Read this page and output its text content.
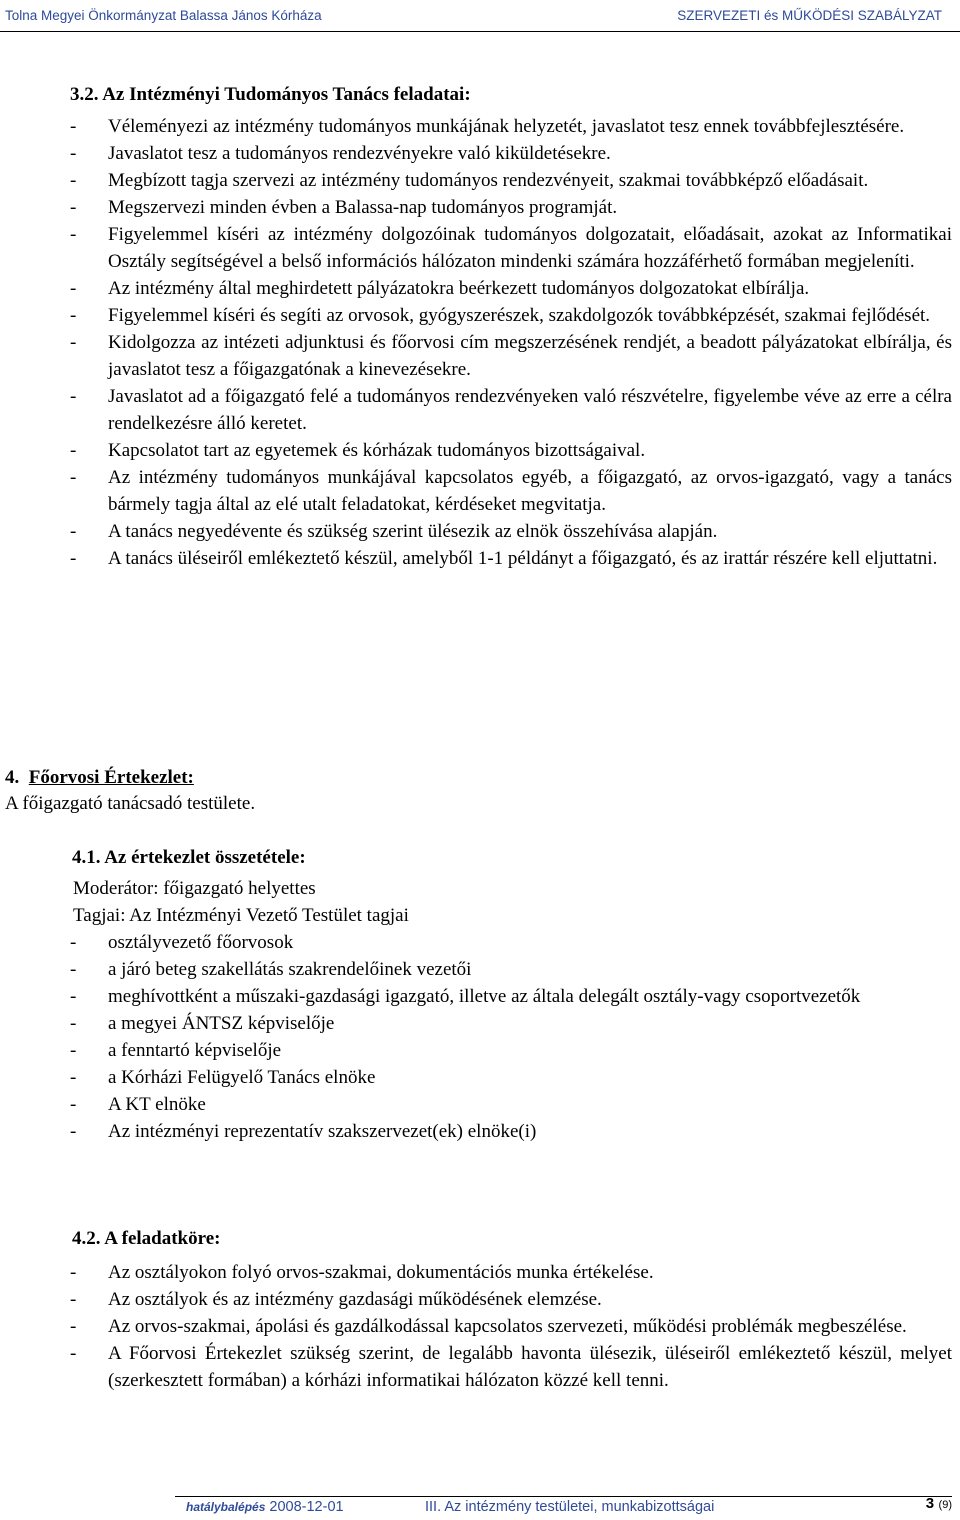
Tolna Megyei Önkormányzat Balassa János Kórháza	SZERVEZETI és MŰKÖDÉSI SZABÁLYZAT
3.2. Az Intézményi Tudományos Tanács feladatai:
- Véleményezi az intézmény tudományos munkájának helyzetét, javaslatot tesz ennek továbbfejlesztésére.
- Javaslatot tesz a tudományos rendezvényekre való kiküldetésekre.
- Megbízott tagja szervezi az intézmény tudományos rendezvényeit, szakmai továbbképző előadásait.
- Megszervezi minden évben a Balassa-nap tudományos programját.
- Figyelemmel kíséri az intézmény dolgozóinak tudományos dolgozatait, előadásait, azokat az Informatikai Osztály segítségével a belső információs hálózaton mindenki számára hozzáférhető formában megjeleníti.
- Az intézmény által meghirdetett pályázatokra beérkezett tudományos dolgozatokat elbírálja.
- Figyelemmel kíséri és segíti az orvosok, gyógyszerészek, szakdolgozók továbbképzését, szakmai fejlődését.
- Kidolgozza az intézeti adjunktusi és főorvosi cím megszerzésének rendjét, a beadott pályázatokat elbírálja, és javaslatot tesz a főigazgatónak a kinevezésekre.
- Javaslatot ad a főigazgató felé a tudományos rendezvényeken való részvételre, figyelembe véve az erre a célra rendelkezésre álló keretet.
- Kapcsolatot tart az egyetemek és kórházak tudományos bizottságaival.
- Az intézmény tudományos munkájával kapcsolatos egyéb, a főigazgató, az orvos-igazgató, vagy a tanács bármely tagja által az elé utalt feladatokat, kérdéseket megvitatja.
- A tanács negyedévente és szükség szerint ülésezik az elnök összehívása alapján.
- A tanács üléseiről emlékeztető készül, amelyből 1-1 példányt a főigazgató, és az irattár részére kell eljuttatni.
4. Főorvosi Értekezlet:
A főigazgató tanácsadó testülete.
4.1. Az értekezlet összetétele:
Moderátor: főigazgató helyettes
Tagjai: Az Intézményi Vezető Testület tagjai
- osztályvezető főorvosok
- a járó beteg szakellátás szakrendelőinek vezetői
- meghívottként a műszaki-gazdasági igazgató, illetve az általa delegált osztály-vagy csoportvezetők
- a megyei ÁNTSZ képviselője
- a fenntartó képviselője
- a Kórházi Felügyelő Tanács elnöke
- A KT elnöke
- Az intézményi reprezentatív szakszervezet(ek) elnöke(i)
4.2. A feladatköre:
- Az osztályokon folyó orvos-szakmai, dokumentációs munka értékelése.
- Az osztályok és az intézmény gazdasági működésének elemzése.
- Az orvos-szakmai, ápolási és gazdálkodással kapcsolatos szervezeti, működési problémák megbeszélése.
- A Főorvosi Értekezlet szükség szerint, de legalább havonta ülésezik, üléseiről emlékeztető készül, melyet (szerkesztett formában) a kórházi informatikai hálózaton közzé kell tenni.
hatálybalépés 2008-12-01	III. Az intézmény testületei, munkabizottságai	3 (9)
